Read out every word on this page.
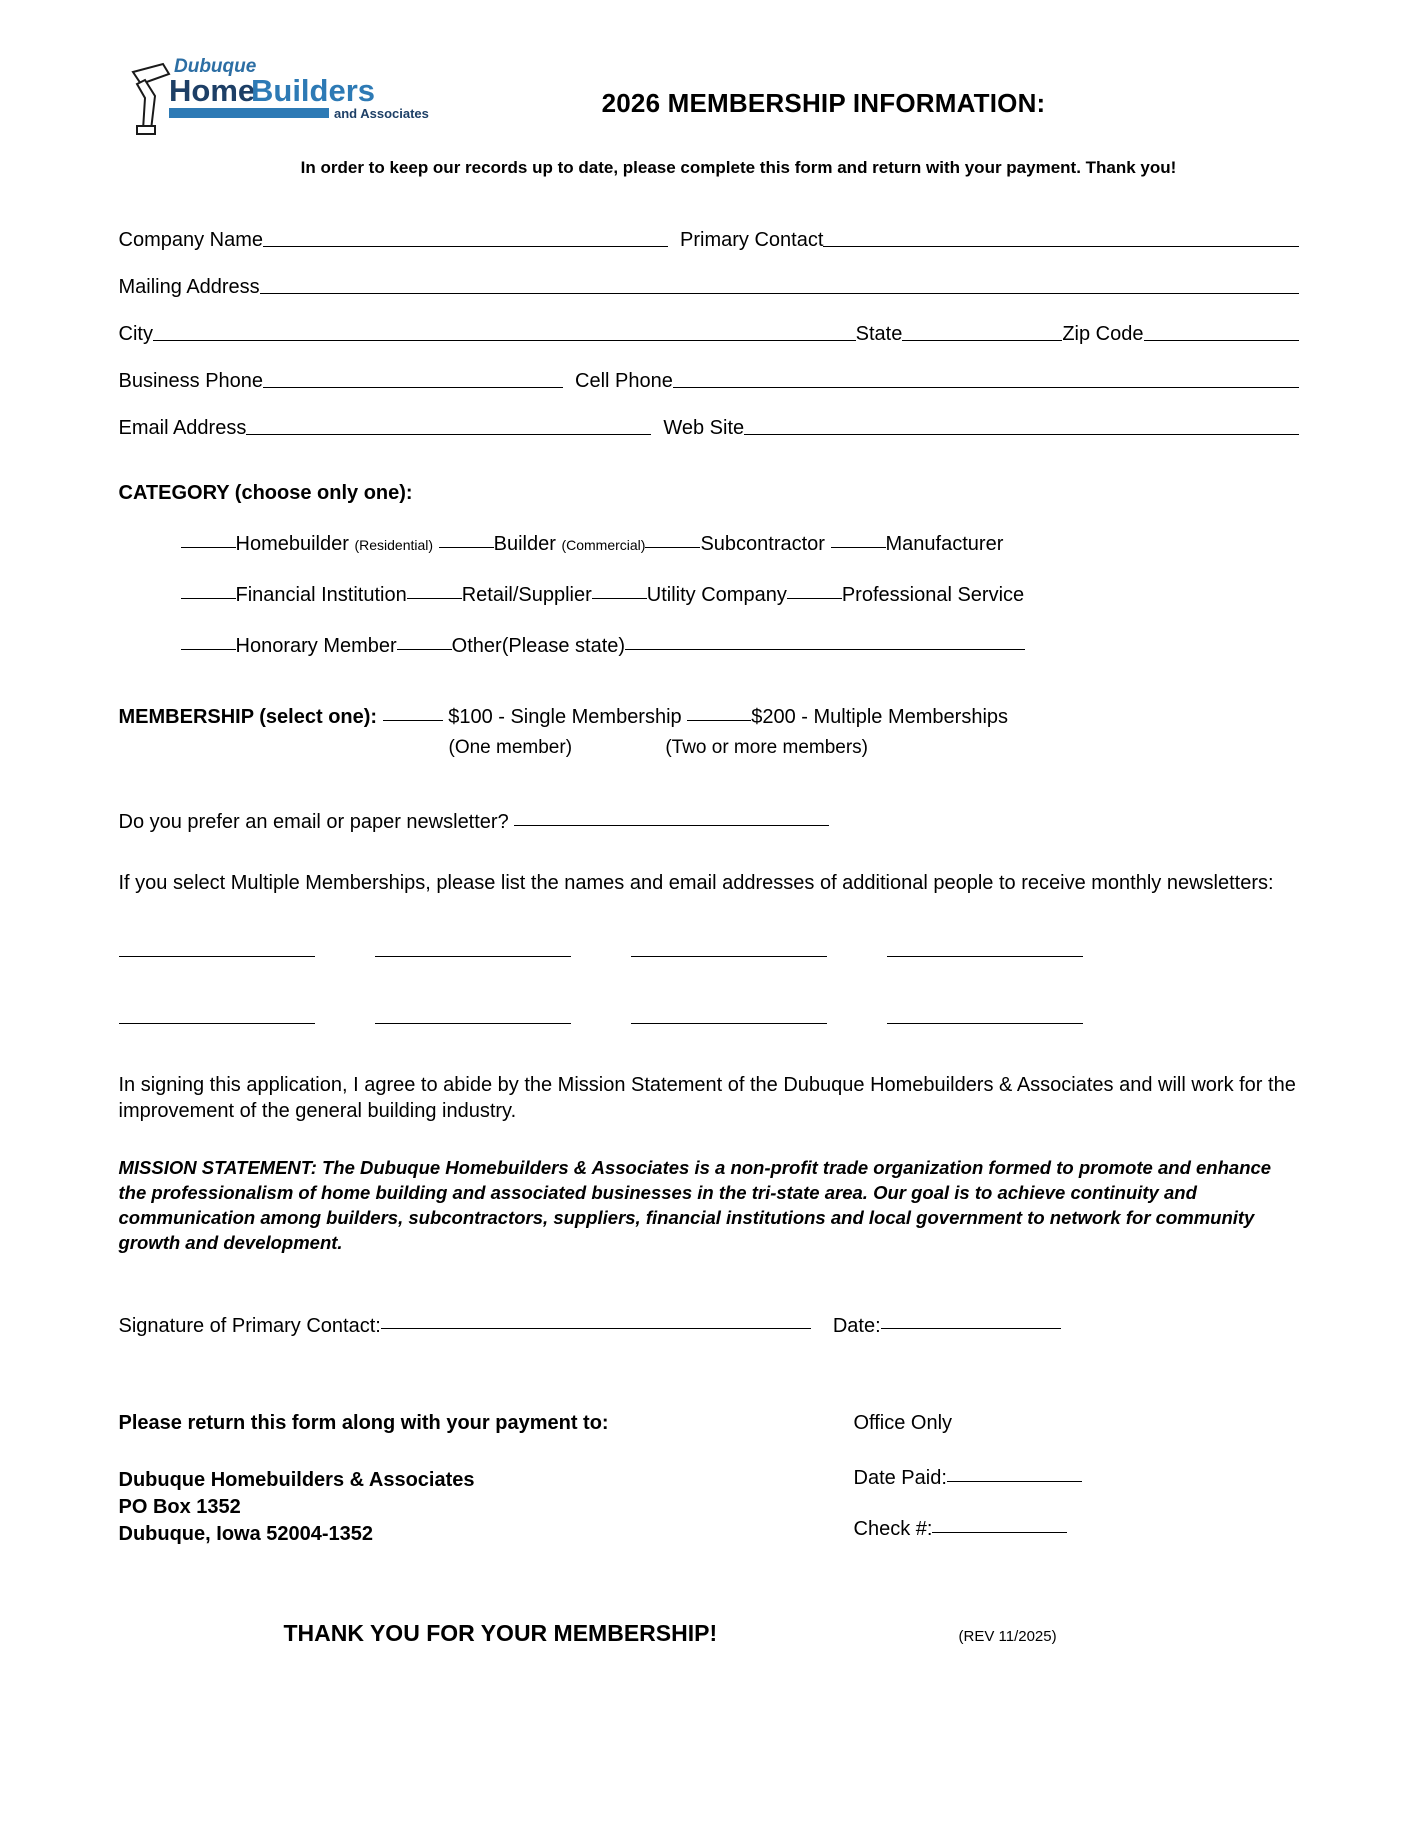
Dubuque
Home
Builders
and Associates	2026 MEMBERSHIP INFORMATION:
In order to keep our records up to date, please complete this form and return with your payment. Thank you!
Company Name	Primary Contact
Mailing Address
City	State	Zip Code
Business Phone	Cell Phone
Email Address	Web Site
CATEGORY (choose only one):
Homebuilder (Residential)	Builder (Commercial)	Subcontractor	Manufacturer
Financial Institution	Retail/Supplier	Utility Company	Professional Service
Honorary Member	Other(Please state)
MEMBERSHIP (select one):	$100 - Single Membership	$200 - Multiple Memberships
(One member)	(Two or more members)
Do you prefer an email or paper newsletter?
If you select Multiple Memberships, please list the names and email addresses of additional people to receive monthly newsletters:
In signing this application, I agree to abide by the Mission Statement of the Dubuque Homebuilders & Associates and will work for the improvement of the general building industry.
MISSION STATEMENT: The Dubuque Homebuilders & Associates is a non-profit trade organization formed to promote and enhance the professionalism of home building and associated businesses in the tri-state area. Our goal is to achieve continuity and communication among builders, subcontractors, suppliers, financial institutions and local government to network for community growth and development.
Signature of Primary Contact:	Date:
Please return this form along with your payment to:
Dubuque Homebuilders & Associates
PO Box 1352
Dubuque, Iowa 52004-1352
Office Only
Date Paid:
Check #:
THANK YOU FOR YOUR MEMBERSHIP!	(REV 11/2025)
